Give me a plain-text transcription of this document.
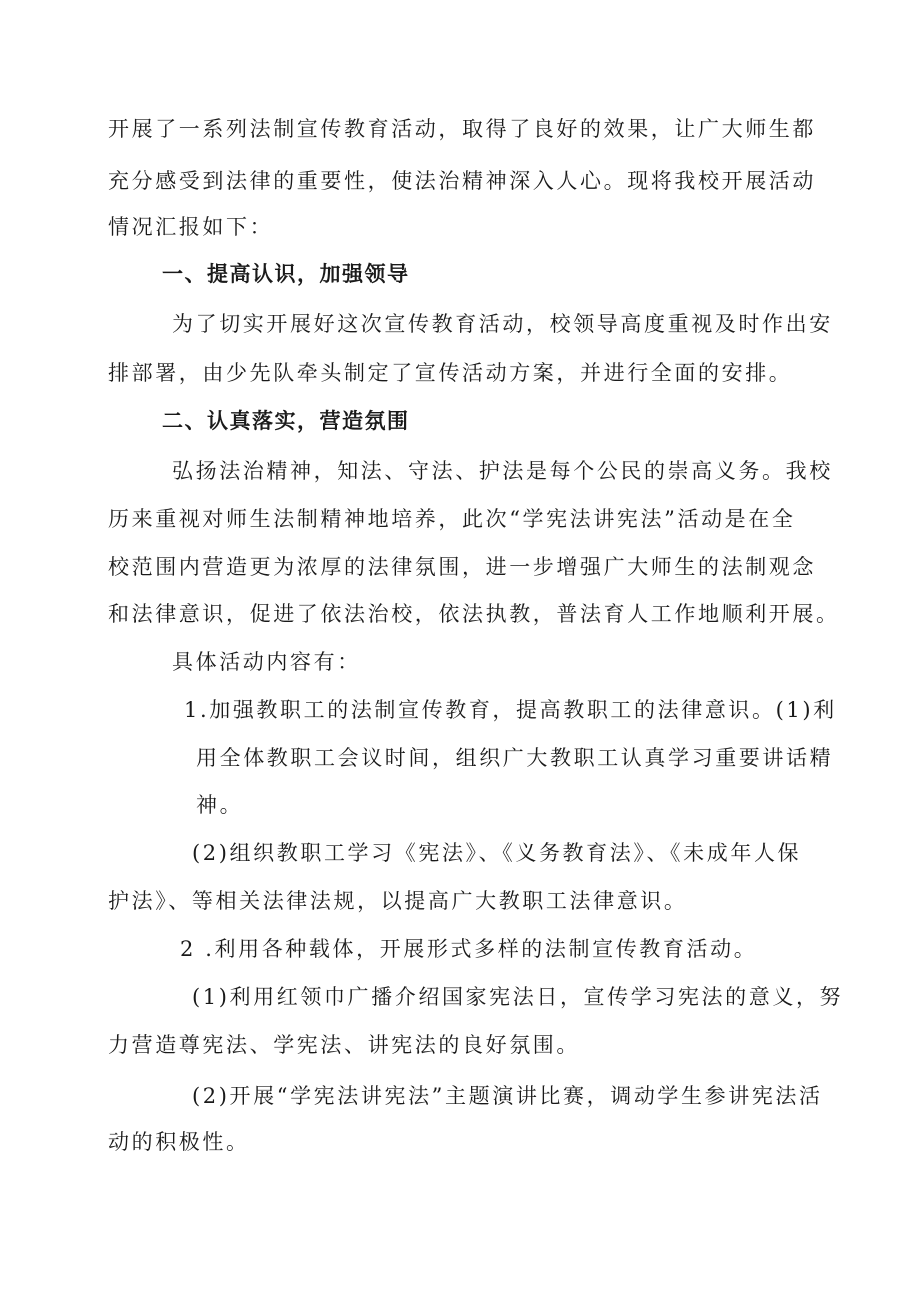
开展了一系列法制宣传教育活动，取得了良好的效果，让广大师生都
充分感受到法律的重要性，使法治精神深入人心。现将我校开展活动
情况汇报如下：
一、提高认识，加强领导
为了切实开展好这次宣传教育活动，校领导高度重视及时作出安
排部署，由少先队牵头制定了宣传活动方案，并进行全面的安排。
二、认真落实，营造氛围
弘扬法治精神，知法、守法、护法是每个公民的崇高义务。我校
历来重视对师生法制精神地培养，此次“学宪法讲宪法”活动是在全
校范围内营造更为浓厚的法律氛围，进一步增强广大师生的法制观念
和法律意识，促进了依法治校，依法执教，普法育人工作地顺利开展。
具体活动内容有：
1.加强教职工的法制宣传教育，提高教职工的法律意识。(1)利
用全体教职工会议时间，组织广大教职工认真学习重要讲话精
神。
(2)组织教职工学习《宪法》、《义务教育法》、《未成年人保
护法》、等相关法律法规，以提高广大教职工法律意识。
2 .利用各种载体，开展形式多样的法制宣传教育活动。
(1)利用红领巾广播介绍国家宪法日，宣传学习宪法的意义，努
力营造尊宪法、学宪法、讲宪法的良好氛围。
(2)开展“学宪法讲宪法”主题演讲比赛，调动学生参讲宪法活
动的积极性。
